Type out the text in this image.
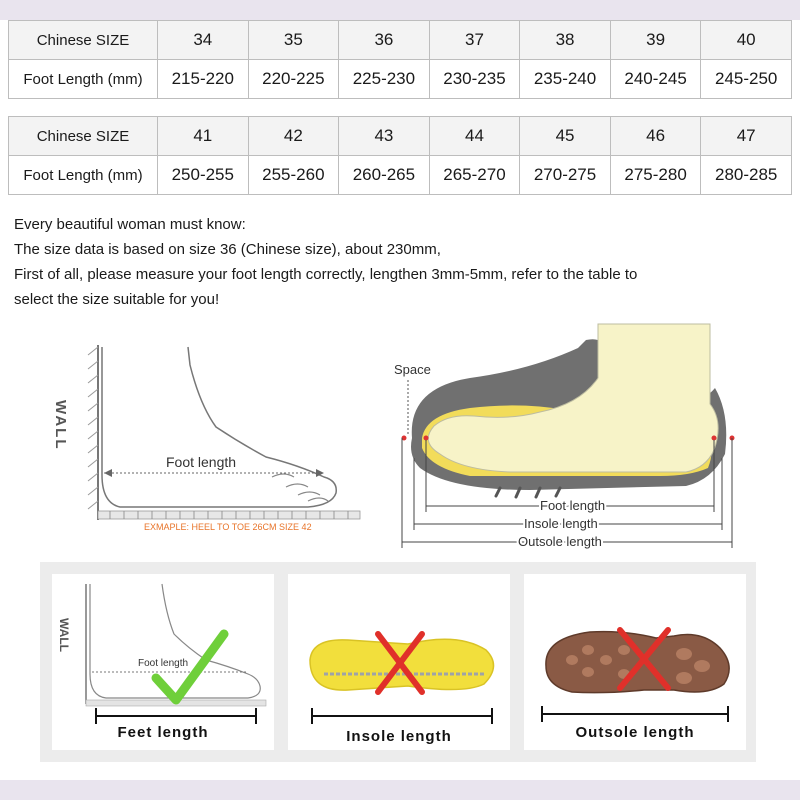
Chinese SIZE	34	35	36	37	38	39	40
Foot Length (mm)	215-220	220-225	225-230	230-235	235-240	240-245	245-250
Chinese SIZE	41	42	43	44	45	46	47
Foot Length (mm)	250-255	255-260	260-265	265-270	270-275	275-280	280-285

Every beautiful woman must know:

The size data is based on size 36 (Chinese size), about 230mm,

First of all, please measure your foot length correctly, lengthen 3mm-5mm, refer to the table to

select the size suitable for you!

WALL
Foot length
EXMAPLE: HEEL TO TOE 26CM SIZE 42
Space
Foot length
Insole length
Outsole length
WALL
Foot length
Feet length	Insole length	Outsole length
